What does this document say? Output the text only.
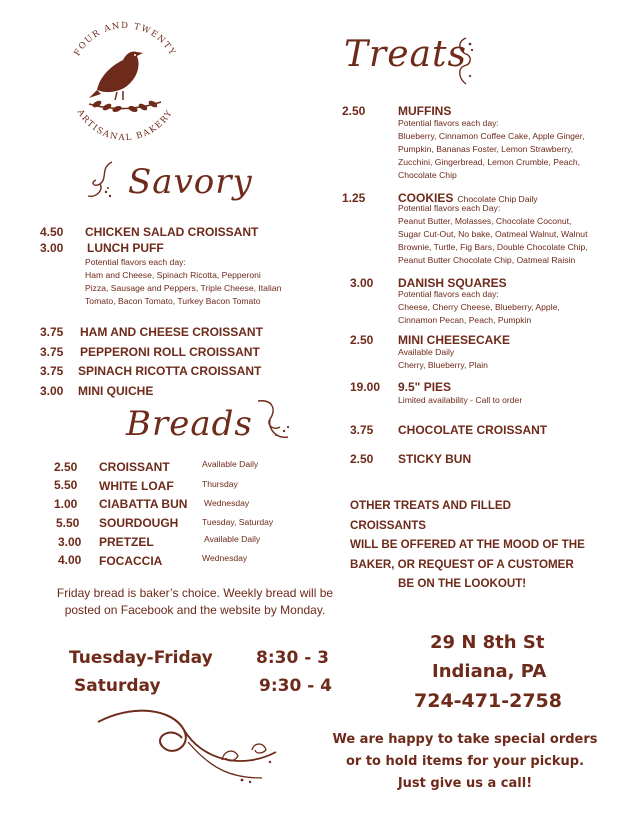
FOUR AND TWENTY
ARTISANAL BAKERY
Savory
4.50 CHICKEN SALAD CROISSANT
3.00 LUNCH PUFF
Potential flavors each day:
Ham and Cheese, Spinach Ricotta, Pepperoni
Pizza, Sausage and Peppers, Triple Cheese, Italian
Tomato, Bacon Tomato, Turkey Bacon Tomato
3.75 HAM AND CHEESE CROISSANT
3.75 PEPPERONI ROLL CROISSANT
3.75 SPINACH RICOTTA CROISSANT
3.00 MINI QUICHE
Breads
2.50 CROISSANT	Available Daily
5.50 WHITE LOAF	Thursday
1.00 CIABATTA BUN Wednesday
5.50 SOURDOUGH	Tuesday, Saturday
3.00 PRETZEL	Available Daily
4.00 FOCACCIA	Wednesday
Friday bread is baker’s choice. Weekly bread will be
posted on Facebook and the website by Monday.
Treats
2.50	MUFFINS
Potential flavors each day:
Blueberry, Cinnamon Coffee Cake, Apple Ginger,
Pumpkin, Bananas Foster, Lemon Strawberry,
Zucchini, Gingerbread, Lemon Crumble, Peach,
Chocolate Chip
1.25	COOKIES Chocolate Chip Daily
Potential flavors each Day:
Peanut Butter, Molasses, Chocolate Coconut,
Sugar Cut-Out, No bake, Oatmeal Walnut, Walnut
Brownie, Turtle, Fig Bars, Double Chocolate Chip,
Peanut Butter Chocolate Chip, Oatmeal Raisin
3.00 DANISH SQUARES
Potential flavors each day:
Cheese, Cherry Cheese, Blueberry, Apple,
Cinnamon Pecan, Peach, Pumpkin
2.50 MINI CHEESECAKE
Available Daily
Cherry, Blueberry, Plain
19.00 9.5" PIES
Limited availability - Call to order
3.75 CHOCOLATE CROISSANT
2.50 STICKY BUN
OTHER TREATS AND FILLED CROISSANTS
WILL BE OFFERED AT THE MOOD OF THE
BAKER, OR REQUEST OF A CUSTOMER
BE ON THE LOOKOUT!
Tuesday-Friday	8:30 - 3
Saturday	9:30 - 4
29 N 8th St
Indiana, PA
724-471-2758
We are happy to take special orders
or to hold items for your pickup.
Just give us a call!
